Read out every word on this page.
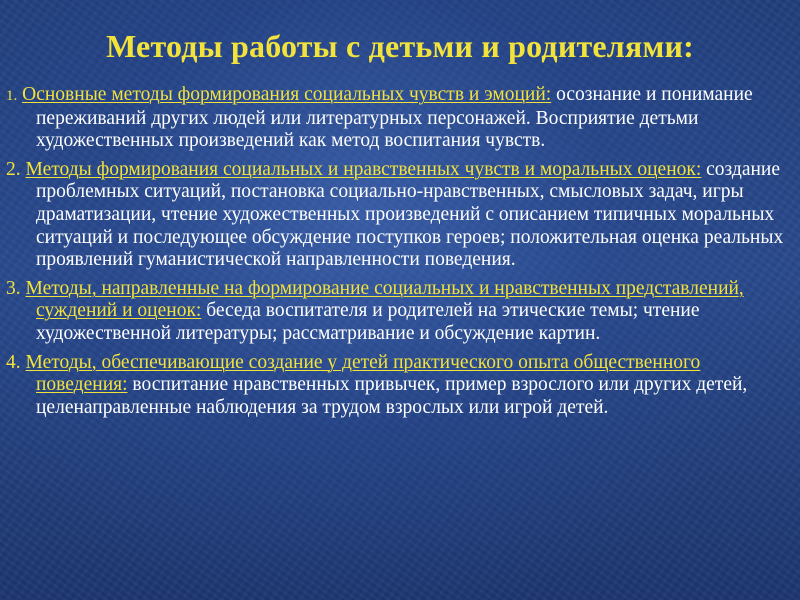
Методы работы с детьми и родителями:
1. Основные методы формирования социальных чувств и эмоций: осознание и понимание переживаний других людей или литературных персонажей. Восприятие детьми художественных произведений как метод воспитания чувств.
2. Методы формирования социальных и нравственных чувств и моральных оценок: создание проблемных ситуаций, постановка социально-нравственных, смысловых задач, игры драматизации, чтение художественных произведений с описанием типичных моральных ситуаций и последующее обсуждение поступков героев; положительная оценка реальных проявлений гуманистической направленности поведения.
3. Методы, направленные на формирование социальных и нравственных представлений, суждений и оценок: беседа воспитателя и родителей на этические темы; чтение художественной литературы; рассматривание и обсуждение картин.
4. Методы, обеспечивающие создание у детей практического опыта общественного поведения: воспитание нравственных привычек, пример взрослого или других детей, целенаправленные наблюдения за трудом взрослых или игрой детей.
